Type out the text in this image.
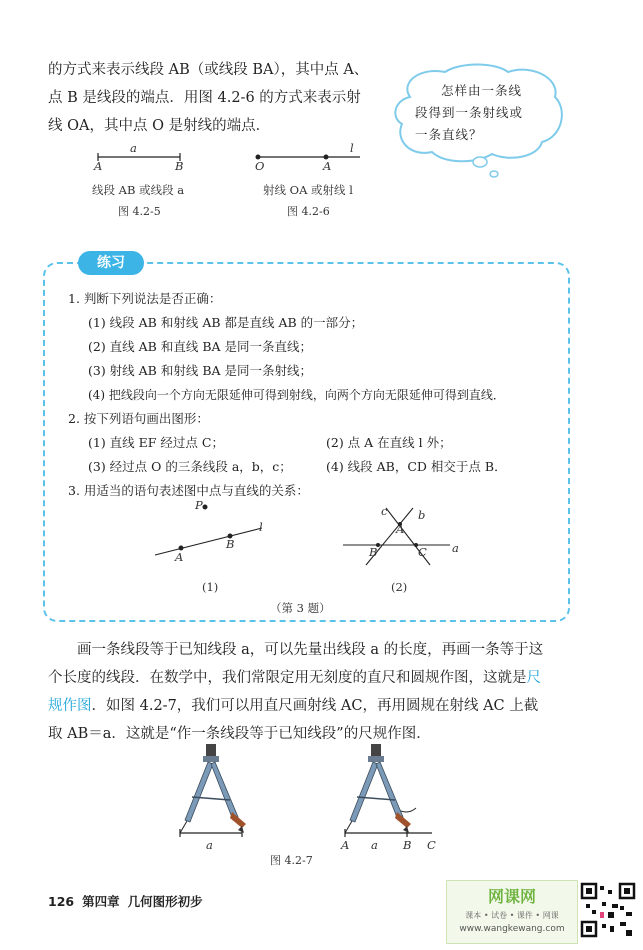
的方式来表示线段 AB（或线段 BA），其中点 A、
点 B 是线段的端点．用图 4.2-6 的方式来表示射
线 OA，其中点 O 是射线的端点．
怎样由一条线
段得到一条射线或
一条直线？
a
A	B
线段 AB 或线段 a
图 4.2-5
O	A
l
射线 OA 或射线 l
图 4.2-6
练习
1. 判断下列说法是否正确：
(1) 线段 AB 和射线 AB 都是直线 AB 的一部分；
(2) 直线 AB 和直线 BA 是同一条直线；
(3) 射线 AB 和射线 BA 是同一条射线；
(4) 把线段向一个方向无限延伸可得到射线，向两个方向无限延伸可得到直线．
2. 按下列语句画出图形：
(1) 直线 EF 经过点 C；	(2) 点 A 在直线 l 外；
(3) 经过点 O 的三条线段 a，b，c；	(4) 线段 AB，CD 相交于点 B．
3. 用适当的语句表述图中点与直线的关系：
P
A
B
l
(1)
c	b
A
B	C a
(2)
（第 3 题）
画一条线段等于已知线段 a，可以先量出线段 a 的长度，再画一条等于这
个长度的线段．在数学中，我们常限定用无刻度的直尺和圆规作图，这就是尺
规作图．如图 4.2-7，我们可以用直尺画射线 AC，再用圆规在射线 AC 上截
取 AB＝a．这就是“作一条线段等于已知线段”的尺规作图．
a	A a B C
图 4.2-7
126 第四章 几何图形初步	网课网
课本 • 试卷 • 课件 • 网课
www.wangkewang.com
